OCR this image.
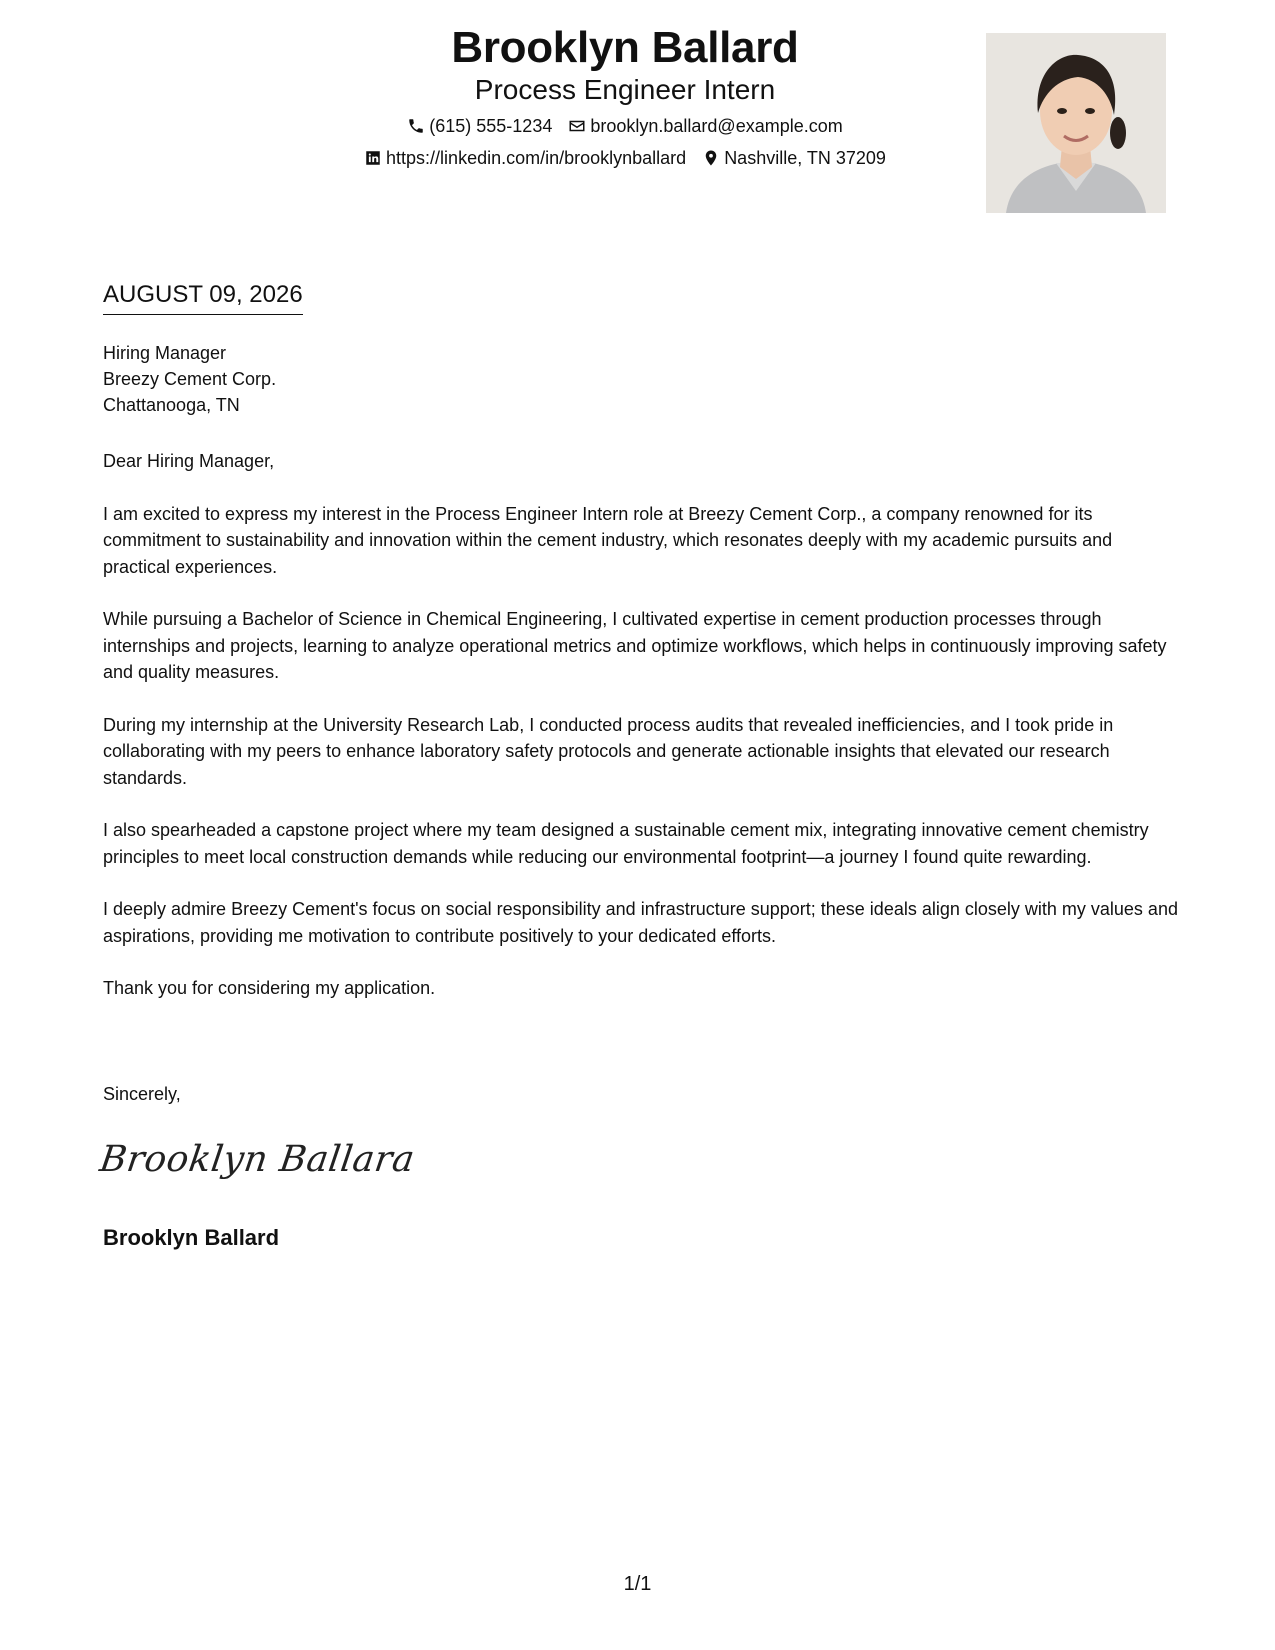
Brooklyn Ballard
Process Engineer Intern
(615) 555-1234 brooklyn.ballard@example.com
https://linkedin.com/in/brooklynballard Nashville, TN 37209
AUGUST 09, 2026
Hiring Manager
Breezy Cement Corp.
Chattanooga, TN

Dear Hiring Manager,

I am excited to express my interest in the Process Engineer Intern role at Breezy Cement Corp., a company renowned for its commitment to sustainability and innovation within the cement industry, which resonates deeply with my academic pursuits and practical experiences.

While pursuing a Bachelor of Science in Chemical Engineering, I cultivated expertise in cement production processes through internships and projects, learning to analyze operational metrics and optimize workflows, which helps in continuously improving safety and quality measures.

During my internship at the University Research Lab, I conducted process audits that revealed inefficiencies, and I took pride in collaborating with my peers to enhance laboratory safety protocols and generate actionable insights that elevated our research standards.

I also spearheaded a capstone project where my team designed a sustainable cement mix, integrating innovative cement chemistry principles to meet local construction demands while reducing our environmental footprint—a journey I found quite rewarding.

I deeply admire Breezy Cement's focus on social responsibility and infrastructure support; these ideals align closely with my values and aspirations, providing me motivation to contribute positively to your dedicated efforts.

Thank you for considering my application.

Sincerely,
Brooklyn Ballara
Brooklyn Ballard
1/1
